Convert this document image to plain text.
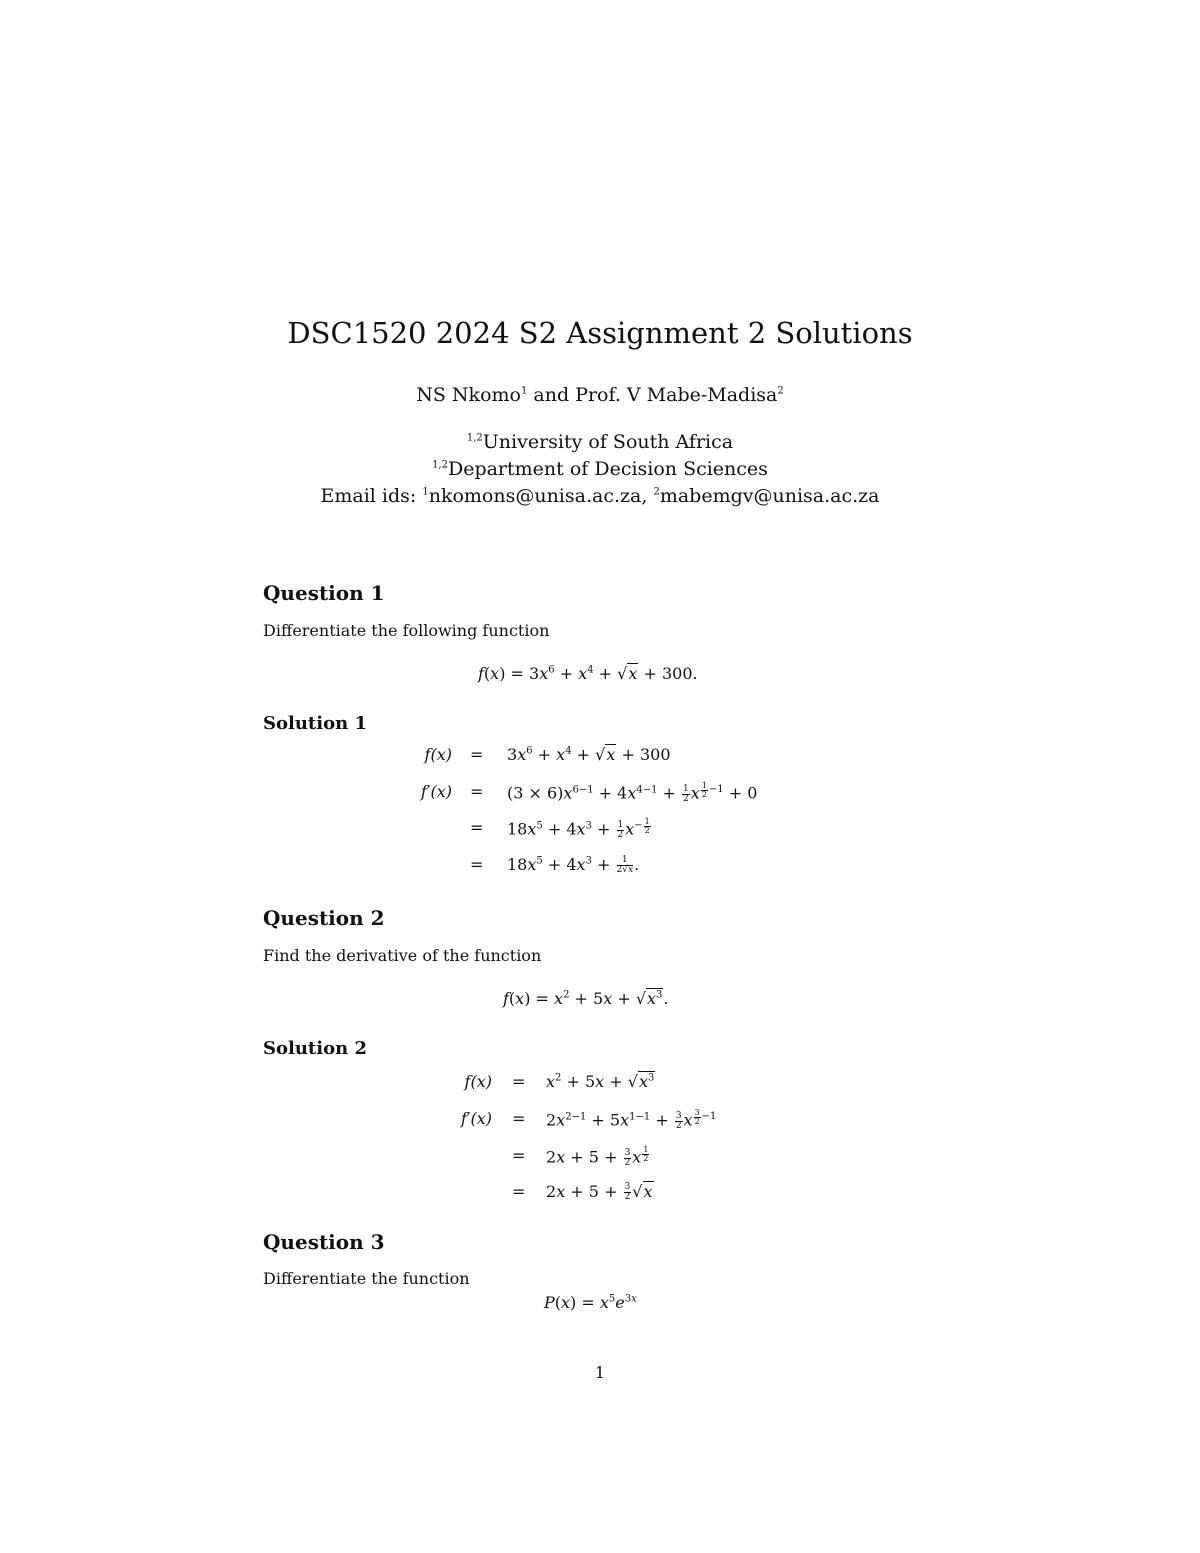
DSC1520 2024 S2 Assignment 2 Solutions
NS Nkomo$^1$ and Prof. V Mabe-Madisa$^2$
$^{1,2}$University of South Africa
$^{1,2}$Department of Decision Sciences
Email ids: $^1$nkomons@unisa.ac.za, $^2$mabemgv@unisa.ac.za
Question 1
Differentiate the following function
$f(x) = 3x^6 + x^4 + √x + 300$.
Solution 1
$f(x) = 3x^6 + x^4 + √x + 300$
$f'(x) = (3 \times 6)x^{6-1} + 4x^{4-1} + \frac{1}{2}$ x $^{\frac{1}{2} -1}$ + 0
= $18x^5 + 4x^3 + \frac{1}{2} x^{- \frac{1}{2}}$
= $18x^5 + 4x^3 + \frac{1}{2√x}$ .
Question 2
Find the derivative of the function
$f(x) = x^2 + 5x + √x^3$.
Solution 2
$f(x) = x^2 + 5x + √x^3$
$f'(x) = 2x^{2-1} + 5x^{1-1} + \frac{3}{2}$ x $^{\frac{3}{2} -1}$
= $2x + 5 + \frac{3}{2}$ x $^{\frac{1}{2}}$
= $2x + 5 + \frac{3}{2} √x$
Question 3
Differentiate the function
$P(x) = x^5e^{3x}$
1
